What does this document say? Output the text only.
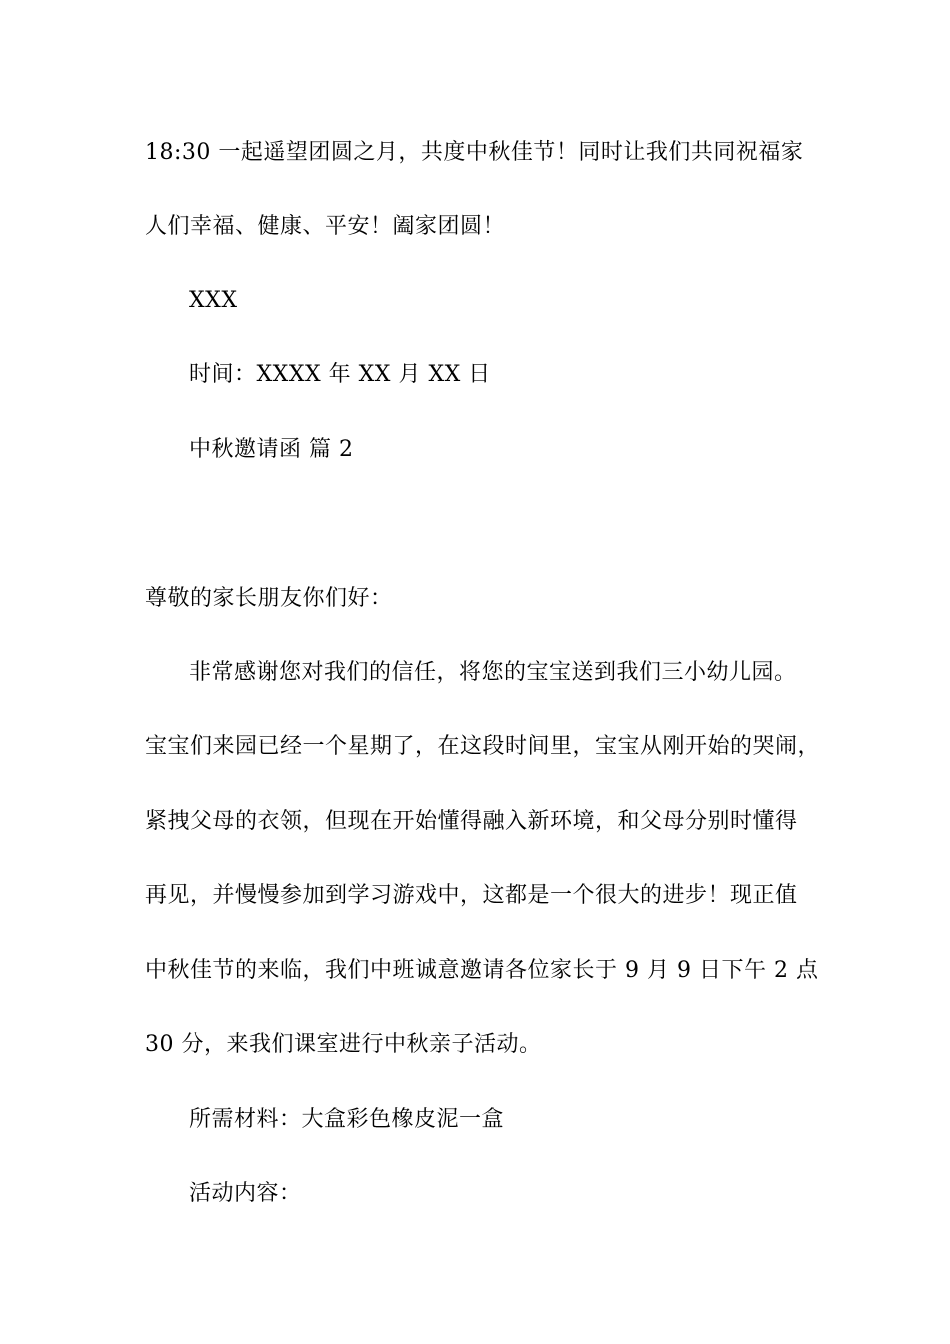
18:30 一起遥望团圆之月，共度中秋佳节！同时让我们共同祝福家
人们幸福、健康、平安！阖家团圆！
XXX
时间：XXXX 年 XX 月 XX 日
中秋邀请函 篇 2
尊敬的家长朋友你们好：
非常感谢您对我们的信任，将您的宝宝送到我们三小幼儿园。
宝宝们来园已经一个星期了，在这段时间里，宝宝从刚开始的哭闹，
紧拽父母的衣领，但现在开始懂得融入新环境，和父母分别时懂得
再见，并慢慢参加到学习游戏中，这都是一个很大的进步！现正值
中秋佳节的来临，我们中班诚意邀请各位家长于 9 月 9 日下午 2 点
30 分，来我们课室进行中秋亲子活动。
所需材料：大盒彩色橡皮泥一盒
活动内容：
